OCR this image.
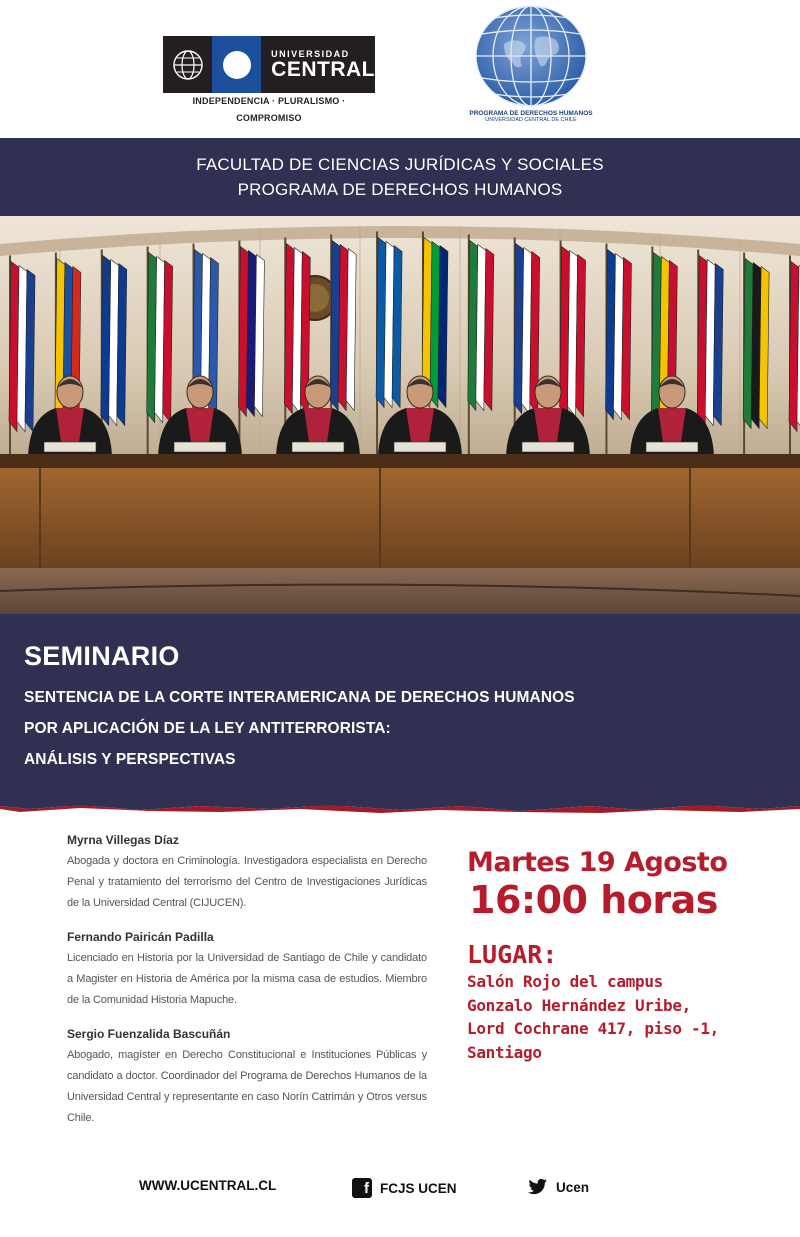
UNIVERSIDAD
CENTRAL
INDEPENDENCIA · PLURALISMO · COMPROMISO	PROGRAMA DE DERECHOS HUMANOS
UNIVERSIDAD CENTRAL DE CHILE
FACULTAD DE CIENCIAS JURÍDICAS Y SOCIALES
PROGRAMA DE DERECHOS HUMANOS
SEMINARIO
SENTENCIA DE LA CORTE INTERAMERICANA DE DERECHOS HUMANOS
POR APLICACIÓN DE LA LEY ANTITERRORISTA:
ANÁLISIS Y PERSPECTIVAS
Myrna Villegas Díaz
Abogada y doctora en Criminología. Investigadora especialista en Derecho Penal y tratamiento del terrorismo del Centro de Investigaciones Jurídicas de la Universidad Central (CIJUCEN).
Fernando Pairicán Padilla
Licenciado en Historia por la Universidad de Santiago de Chile y candidato a Magister en Historia de América por la misma casa de estudios. Miembro de la Comunidad Historia Mapuche.
Sergio Fuenzalida Bascuñán
Abogado, magíster en Derecho Constitucional e Instituciones Públicas y candidato a doctor. Coordinador del Programa de Derechos Humanos de la Universidad Central y representante en caso Norín Catrimán y Otros versus Chile.
Martes 19 Agosto
16:00 horas
LUGAR:
Salón Rojo del campus
Gonzalo Hernández Uribe,
Lord Cochrane 417, piso -1,
Santiago
WWW.UCENTRAL.CL	f FCJS UCEN	Ucen
